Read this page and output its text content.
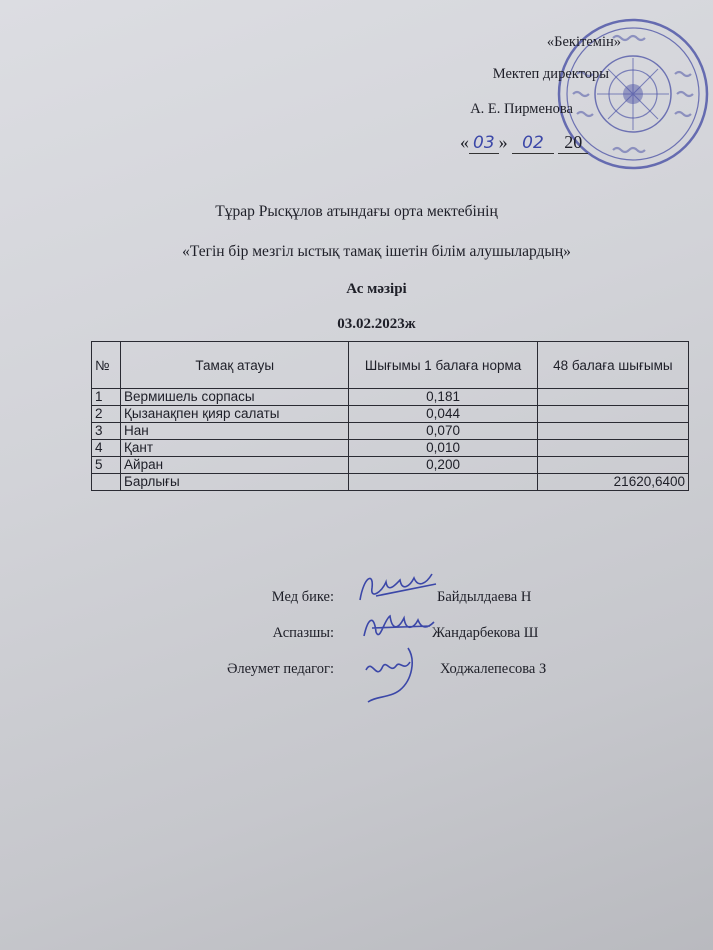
«Бекітемін»
Мектеп директоры
А. Е. Пирменова
« 03 » 02 20
Тұрар Рысқұлов атындағы орта мектебінің
«Тегін бір мезгіл ыстық тамақ ішетін білім алушылардың»
Ас мәзірі
03.02.2023ж
№	Тамақ атауы	Шығымы 1 балаға норма	48 балаға шығымы
1	Вермишель сорпасы	0,181	
2	Қызанақпен қияр салаты	0,044	
3	Нан	0,070	
4	Қант	0,010	
5	Айран	0,200	
	Барлығы		21620,6400
Мед бике:
Аспазшы:
Әлеумет педагог:
Байдылдаева Н
Жандарбекова Ш
Ходжалепесова З
